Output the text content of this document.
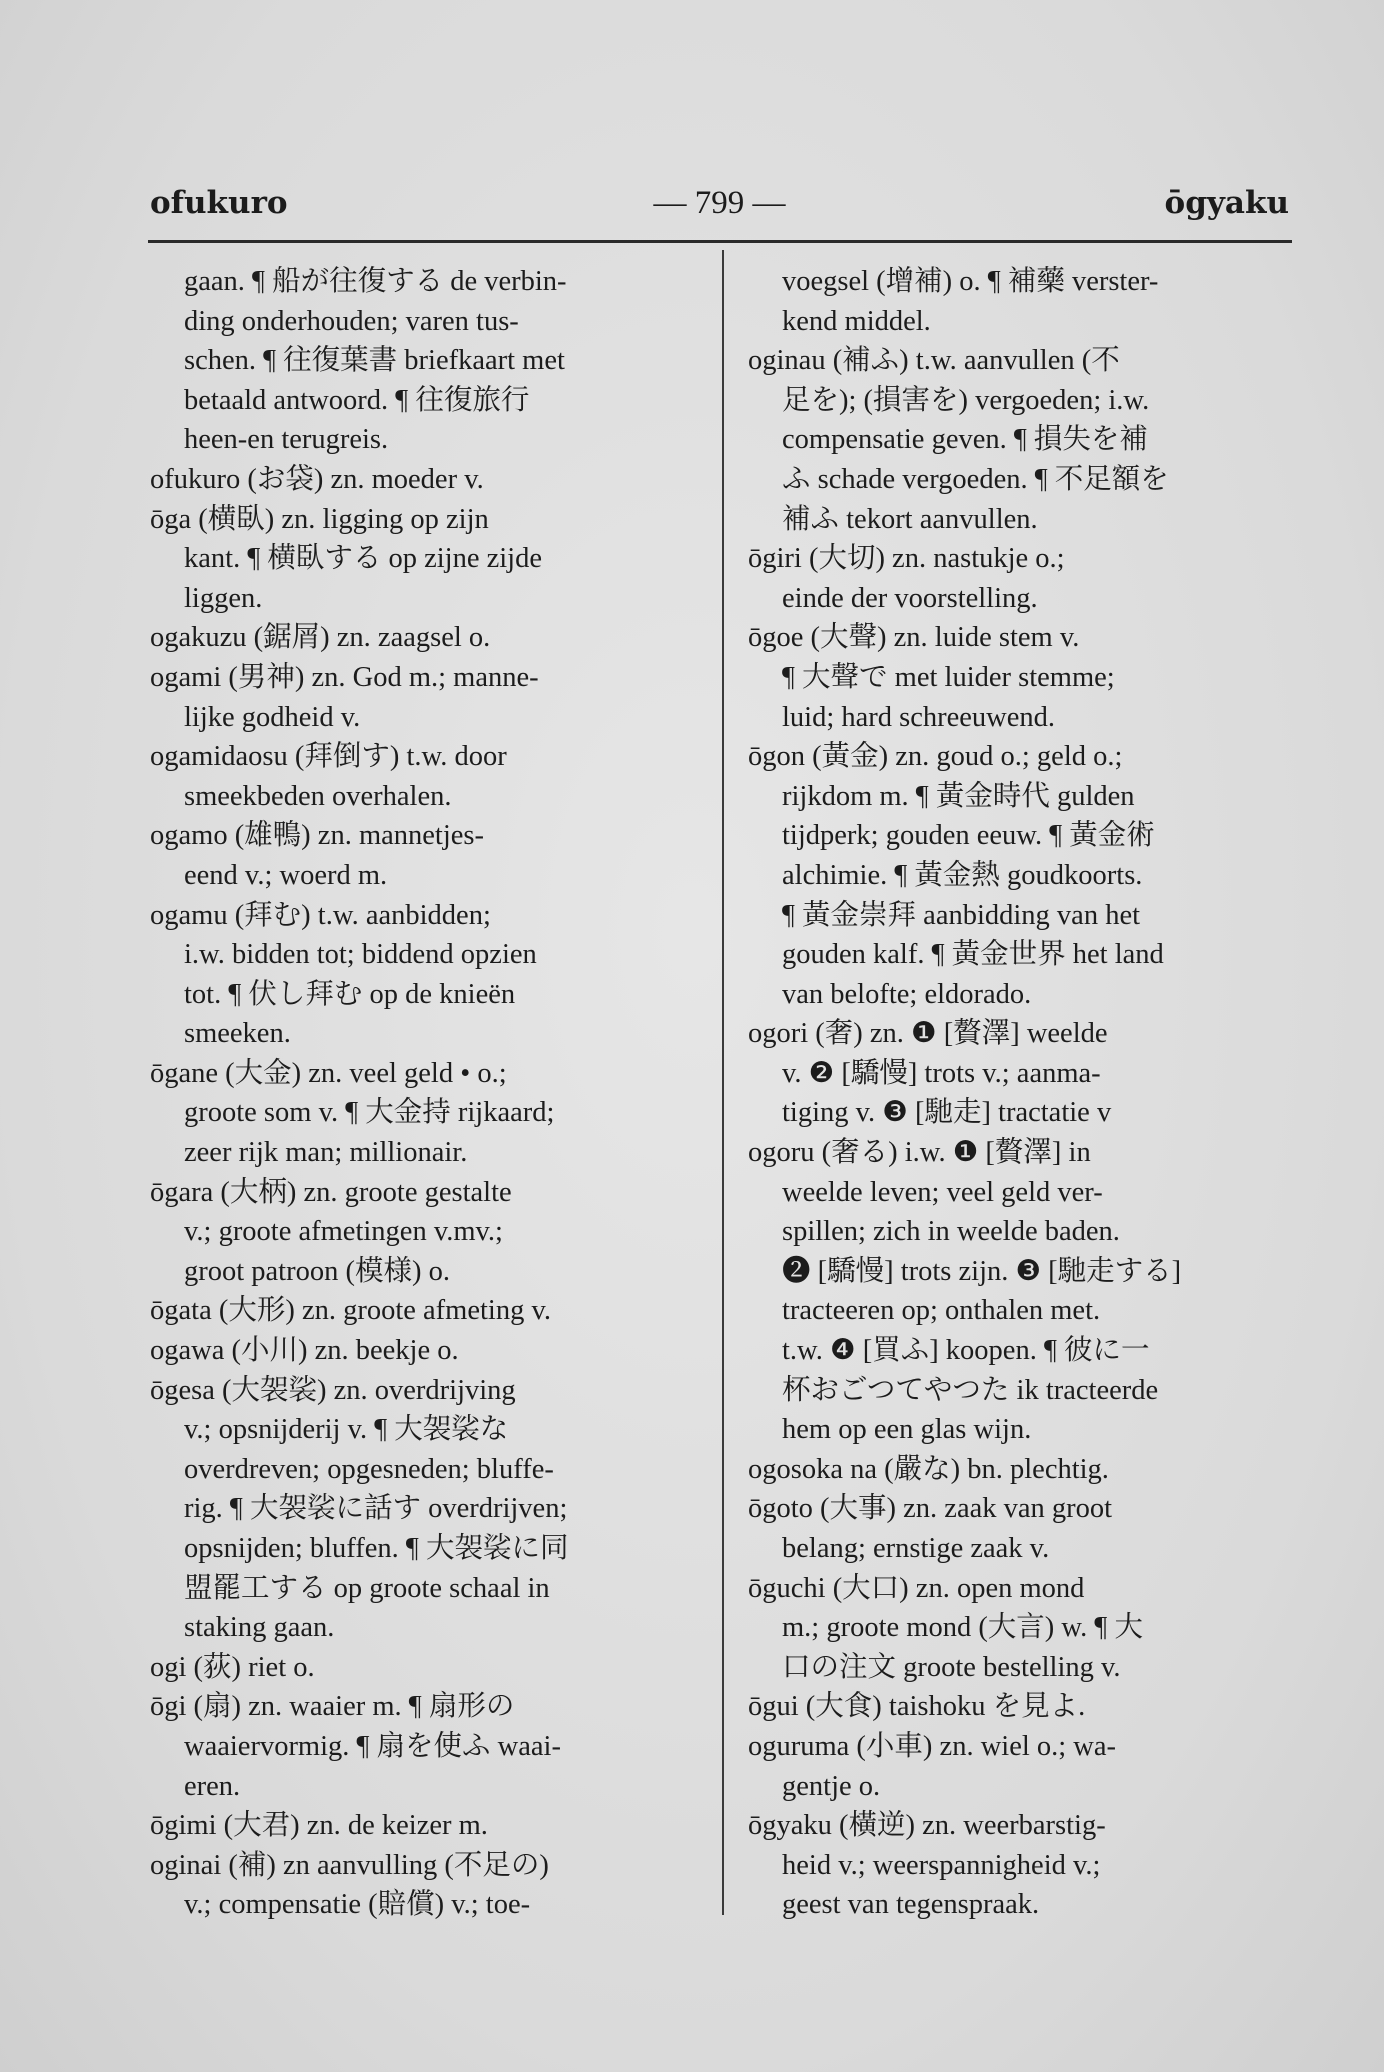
ofukuro	— 799 —	ōgyaku
gaan. ¶ 船が往復する de verbin-
ding onderhouden; varen tus-
schen. ¶ 往復葉書 briefkaart met
betaald antwoord. ¶ 往復旅行
heen-en terugreis.
ofukuro (お袋) zn. moeder v.
ōga (横臥) zn. ligging op zijn
kant. ¶ 横臥する op zijne zijde
liggen.
ogakuzu (鋸屑) zn. zaagsel o.
ogami (男神) zn. God m.; manne-
lijke godheid v.
ogamidaosu (拜倒す) t.w. door
smeekbeden overhalen.
ogamo (雄鴨) zn. mannetjes-
eend v.; woerd m.
ogamu (拜む) t.w. aanbidden;
i.w. bidden tot; biddend opzien
tot. ¶ 伏し拜む op de knieën
smeeken.
ōgane (大金) zn. veel geld • o.;
groote som v. ¶ 大金持 rijkaard;
zeer rijk man; millionair.
ōgara (大柄) zn. groote gestalte
v.; groote afmetingen v.mv.;
groot patroon (模様) o.
ōgata (大形) zn. groote afmeting v.
ogawa (小川) zn. beekje o.
ōgesa (大袈裟) zn. overdrijving
v.; opsnijderij v. ¶ 大袈裟な
overdreven; opgesneden; bluffe-
rig. ¶ 大袈裟に話す overdrijven;
opsnijden; bluffen. ¶ 大袈裟に同
盟罷工する op groote schaal in
staking gaan.
ogi (荻) riet o.
ōgi (扇) zn. waaier m. ¶ 扇形の
waaiervormig. ¶ 扇を使ふ waai-
eren.
ōgimi (大君) zn. de keizer m.
oginai (補) zn aanvulling (不足の)
v.; compensatie (賠償) v.; toe-
voegsel (增補) o. ¶ 補藥 verster-
kend middel.
oginau (補ふ) t.w. aanvullen (不
足を); (損害を) vergoeden; i.w.
compensatie geven. ¶ 損失を補
ふ schade vergoeden. ¶ 不足額を
補ふ tekort aanvullen.
ōgiri (大切) zn. nastukje o.;
einde der voorstelling.
ōgoe (大聲) zn. luide stem v.
¶ 大聲で met luider stemme;
luid; hard schreeuwend.
ōgon (黃金) zn. goud o.; geld o.;
rijkdom m. ¶ 黃金時代 gulden
tijdperk; gouden eeuw. ¶ 黃金術
alchimie. ¶ 黃金熱 goudkoorts.
¶ 黃金崇拜 aanbidding van het
gouden kalf. ¶ 黃金世界 het land
van belofte; eldorado.
ogori (奢) zn. ❶ [贅澤] weelde
v. ❷ [驕慢] trots v.; aanma-
tiging v. ❸ [馳走] tractatie v
ogoru (奢る) i.w. ❶ [贅澤] in
weelde leven; veel geld ver-
spillen; zich in weelde baden.
❷ [驕慢] trots zijn. ❸ [馳走する]
tracteeren op; onthalen met.
t.w. ❹ [買ふ] koopen. ¶ 彼に一
杯おごつてやつた ik tracteerde
hem op een glas wijn.
ogosoka na (嚴な) bn. plechtig.
ōgoto (大事) zn. zaak van groot
belang; ernstige zaak v.
ōguchi (大口) zn. open mond
m.; groote mond (大言) w. ¶ 大
口の注文 groote bestelling v.
ōgui (大食) taishoku を見よ.
oguruma (小車) zn. wiel o.; wa-
gentje o.
ōgyaku (橫逆) zn. weerbarstig-
heid v.; weerspannigheid v.;
geest van tegenspraak.
